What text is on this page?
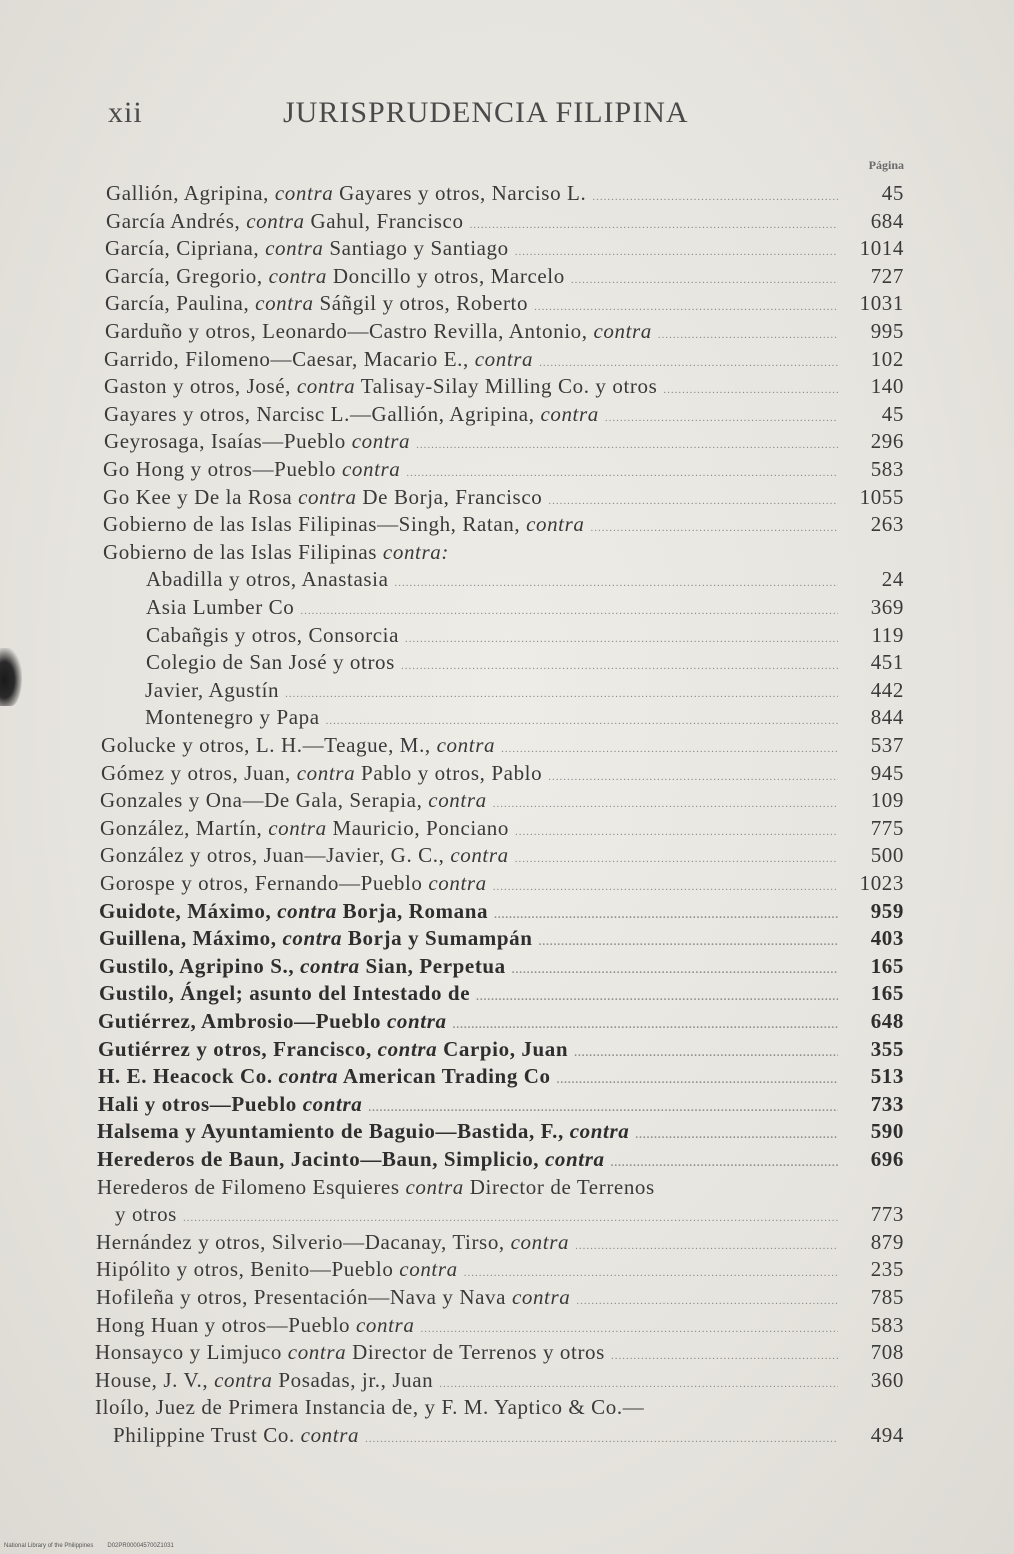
xii	JURISPRUDENCIA FILIPINA
Página
Gallión, Agripina, contra Gayares y otros, Narciso L. .....	45
García Andrés, contra Gahul, Francisco .....	684
García, Cipriana, contra Santiago y Santiago .....	1014
García, Gregorio, contra Doncillo y otros, Marcelo .....	727
García, Paulina, contra Sáñgil y otros, Roberto .....	1031
Garduño y otros, Leonardo—Castro Revilla, Antonio, contra .....	995
Garrido, Filomeno—Caesar, Macario E., contra .....	102
Gaston y otros, José, contra Talisay-Silay Milling Co. y otros .....	140
Gayares y otros, Narcisc L.—Gallión, Agripina, contra .....	45
Geyrosaga, Isaías—Pueblo contra .....	296
Go Hong y otros—Pueblo contra .....	583
Go Kee y De la Rosa contra De Borja, Francisco .....	1055
Gobierno de las Islas Filipinas—Singh, Ratan, contra .....	263
Gobierno de las Islas Filipinas contra:
Abadilla y otros, Anastasia .....	24
Asia Lumber Co .....	369
Cabañgis y otros, Consorcia .....	119
Colegio de San José y otros .....	451
Javier, Agustín .....	442
Montenegro y Papa .....	844
Golucke y otros, L. H.—Teague, M., contra .....	537
Gómez y otros, Juan, contra Pablo y otros, Pablo .....	945
Gonzales y Ona—De Gala, Serapia, contra .....	109
González, Martín, contra Mauricio, Ponciano .....	775
González y otros, Juan—Javier, G. C., contra .....	500
Gorospe y otros, Fernando—Pueblo contra .....	1023
Guidote, Máximo, contra Borja, Romana .....	959
Guillena, Máximo, contra Borja y Sumampán .....	403
Gustilo, Agripino S., contra Sian, Perpetua .....	165
Gustilo, Ángel; asunto del Intestado de .....	165
Gutiérrez, Ambrosio—Pueblo contra .....	648
Gutiérrez y otros, Francisco, contra Carpio, Juan .....	355
H. E. Heacock Co. contra American Trading Co .....	513
Hali y otros—Pueblo contra .....	733
Halsema y Ayuntamiento de Baguio—Bastida, F., contra .....	590
Herederos de Baun, Jacinto—Baun, Simplicio, contra .....	696
Herederos de Filomeno Esquieres contra Director de Terrenos
y otros .....	773
Hernández y otros, Silverio—Dacanay, Tirso, contra .....	879
Hipólito y otros, Benito—Pueblo contra .....	235
Hofileña y otros, Presentación—Nava y Nava contra .....	785
Hong Huan y otros—Pueblo contra .....	583
Honsayco y Limjuco contra Director de Terrenos y otros .....	708
House, J. V., contra Posadas, jr., Juan .....	360
Iloílo, Juez de Primera Instancia de, y F. M. Yaptico & Co.—
Philippine Trust Co. contra .....	494
National Library of the Philippines D02PR000045700Z1031
